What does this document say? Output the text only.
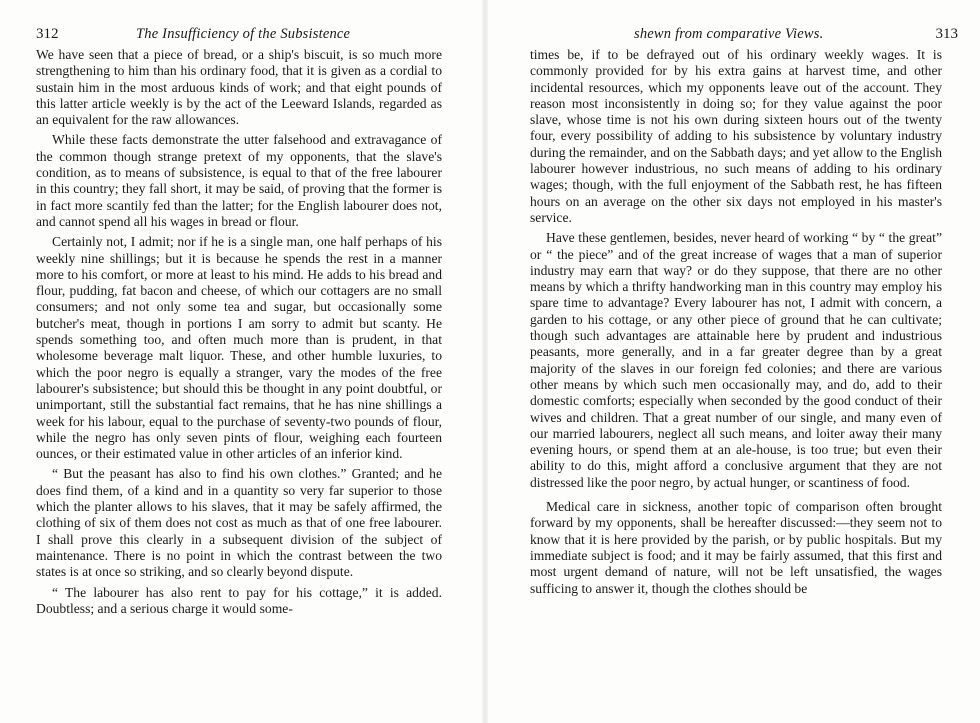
312	The Insufficiency of the Subsistence

We have seen that a piece of bread, or a ship's biscuit, is so much more strengthening to him than his ordinary food, that it is given as a cordial to sustain him in the most arduous kinds of work; and that eight pounds of this latter article weekly is by the act of the Leeward Islands, regarded as an equivalent for the raw allowances.

While these facts demonstrate the utter falsehood and extravagance of the common though strange pretext of my opponents, that the slave's condition, as to means of subsistence, is equal to that of the free labourer in this country; they fall short, it may be said, of proving that the former is in fact more scantily fed than the latter; for the English labourer does not, and cannot spend all his wages in bread or flour.

Certainly not, I admit; nor if he is a single man, one half perhaps of his weekly nine shillings; but it is because he spends the rest in a manner more to his comfort, or more at least to his mind. He adds to his bread and flour, pudding, fat bacon and cheese, of which our cottagers are no small consumers; and not only some tea and sugar, but occasionally some butcher's meat, though in portions I am sorry to admit but scanty. He spends something too, and often much more than is prudent, in that wholesome beverage malt liquor. These, and other humble luxuries, to which the poor negro is equally a stranger, vary the modes of the free labourer's subsistence; but should this be thought in any point doubtful, or unimportant, still the substantial fact remains, that he has nine shillings a week for his labour, equal to the purchase of seventy-two pounds of flour, while the negro has only seven pints of flour, weighing each fourteen ounces, or their estimated value in other articles of an inferior kind.

“ But the peasant has also to find his own clothes.” Granted; and he does find them, of a kind and in a quantity so very far superior to those which the planter allows to his slaves, that it may be safely affirmed, the clothing of six of them does not cost as much as that of one free labourer. I shall prove this clearly in a subsequent division of the subject of maintenance. There is no point in which the contrast between the two states is at once so striking, and so clearly beyond dispute.

“ The labourer has also rent to pay for his cottage,” it is added. Doubtless; and a serious charge it would some-

shewn from comparative Views.	313

times be, if to be defrayed out of his ordinary weekly wages. It is commonly provided for by his extra gains at harvest time, and other incidental resources, which my opponents leave out of the account. They reason most inconsistently in doing so; for they value against the poor slave, whose time is not his own during sixteen hours out of the twenty four, every possibility of adding to his subsistence by voluntary industry during the remainder, and on the Sabbath days; and yet allow to the English labourer however industrious, no such means of adding to his ordinary wages; though, with the full enjoyment of the Sabbath rest, he has fifteen hours on an average on the other six days not employed in his master's service.

Have these gentlemen, besides, never heard of working “ by “ the great” or “ the piece” and of the great increase of wages that a man of superior industry may earn that way? or do they suppose, that there are no other means by which a thrifty handworking man in this country may employ his spare time to advantage? Every labourer has not, I admit with concern, a garden to his cottage, or any other piece of ground that he can cultivate; though such advantages are attainable here by prudent and industrious peasants, more generally, and in a far greater degree than by a great majority of the slaves in our foreign fed colonies; and there are various other means by which such men occasionally may, and do, add to their domestic comforts; especially when seconded by the good conduct of their wives and children. That a great number of our single, and many even of our married labourers, neglect all such means, and loiter away their many evening hours, or spend them at an ale-house, is too true; but even their ability to do this, might afford a conclusive argument that they are not distressed like the poor negro, by actual hunger, or scantiness of food.

Medical care in sickness, another topic of comparison often brought forward by my opponents, shall be hereafter discussed:—they seem not to know that it is here provided by the parish, or by public hospitals. But my immediate subject is food; and it may be fairly assumed, that this first and most urgent demand of nature, will not be left unsatisfied, the wages sufficing to answer it, though the clothes should be
